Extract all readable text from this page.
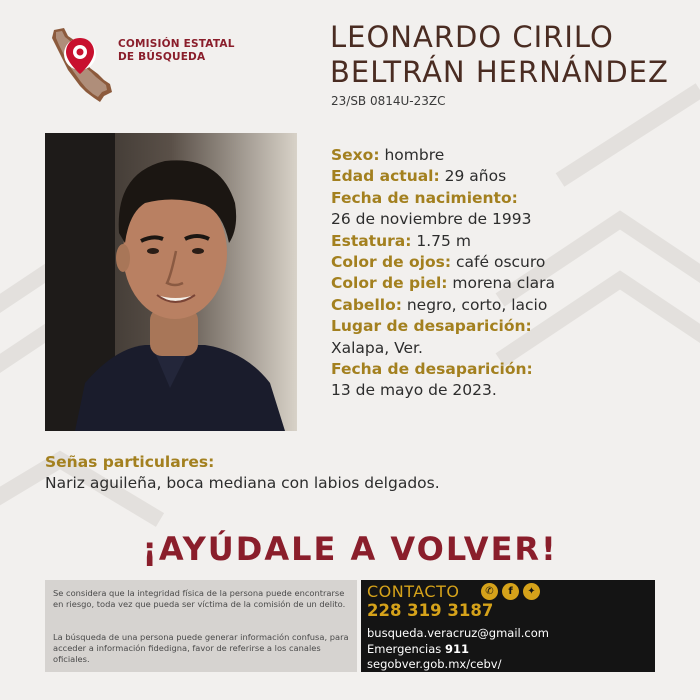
COMISIÓN ESTATAL
DE BÚSQUEDA
LEONARDO CIRILO
BELTRÁN HERNÁNDEZ
23/SB 0814U-23ZC
Sexo: hombre
Edad actual: 29 años
Fecha de nacimiento:
26 de noviembre de 1993
Estatura: 1.75 m
Color de ojos: café oscuro
Color de piel: morena clara
Cabello: negro, corto, lacio
Lugar de desaparición:
Xalapa, Ver.
Fecha de desaparición:
13 de mayo de 2023.
Señas particulares:
Nariz aguileña, boca mediana con labios delgados.
¡AYÚDALE A VOLVER!

Se considera que la integridad física de la persona puede encontrarse en riesgo, toda vez que pueda ser víctima de la comisión de un delito.

La búsqueda de una persona puede generar información confusa, para acceder a información fidedigna, favor de referirse a los canales oficiales.

CONTACTO	✆ f ✦
228 319 3187
busqueda.veracruz@gmail.com
Emergencias 911
segobver.gob.mx/cebv/
